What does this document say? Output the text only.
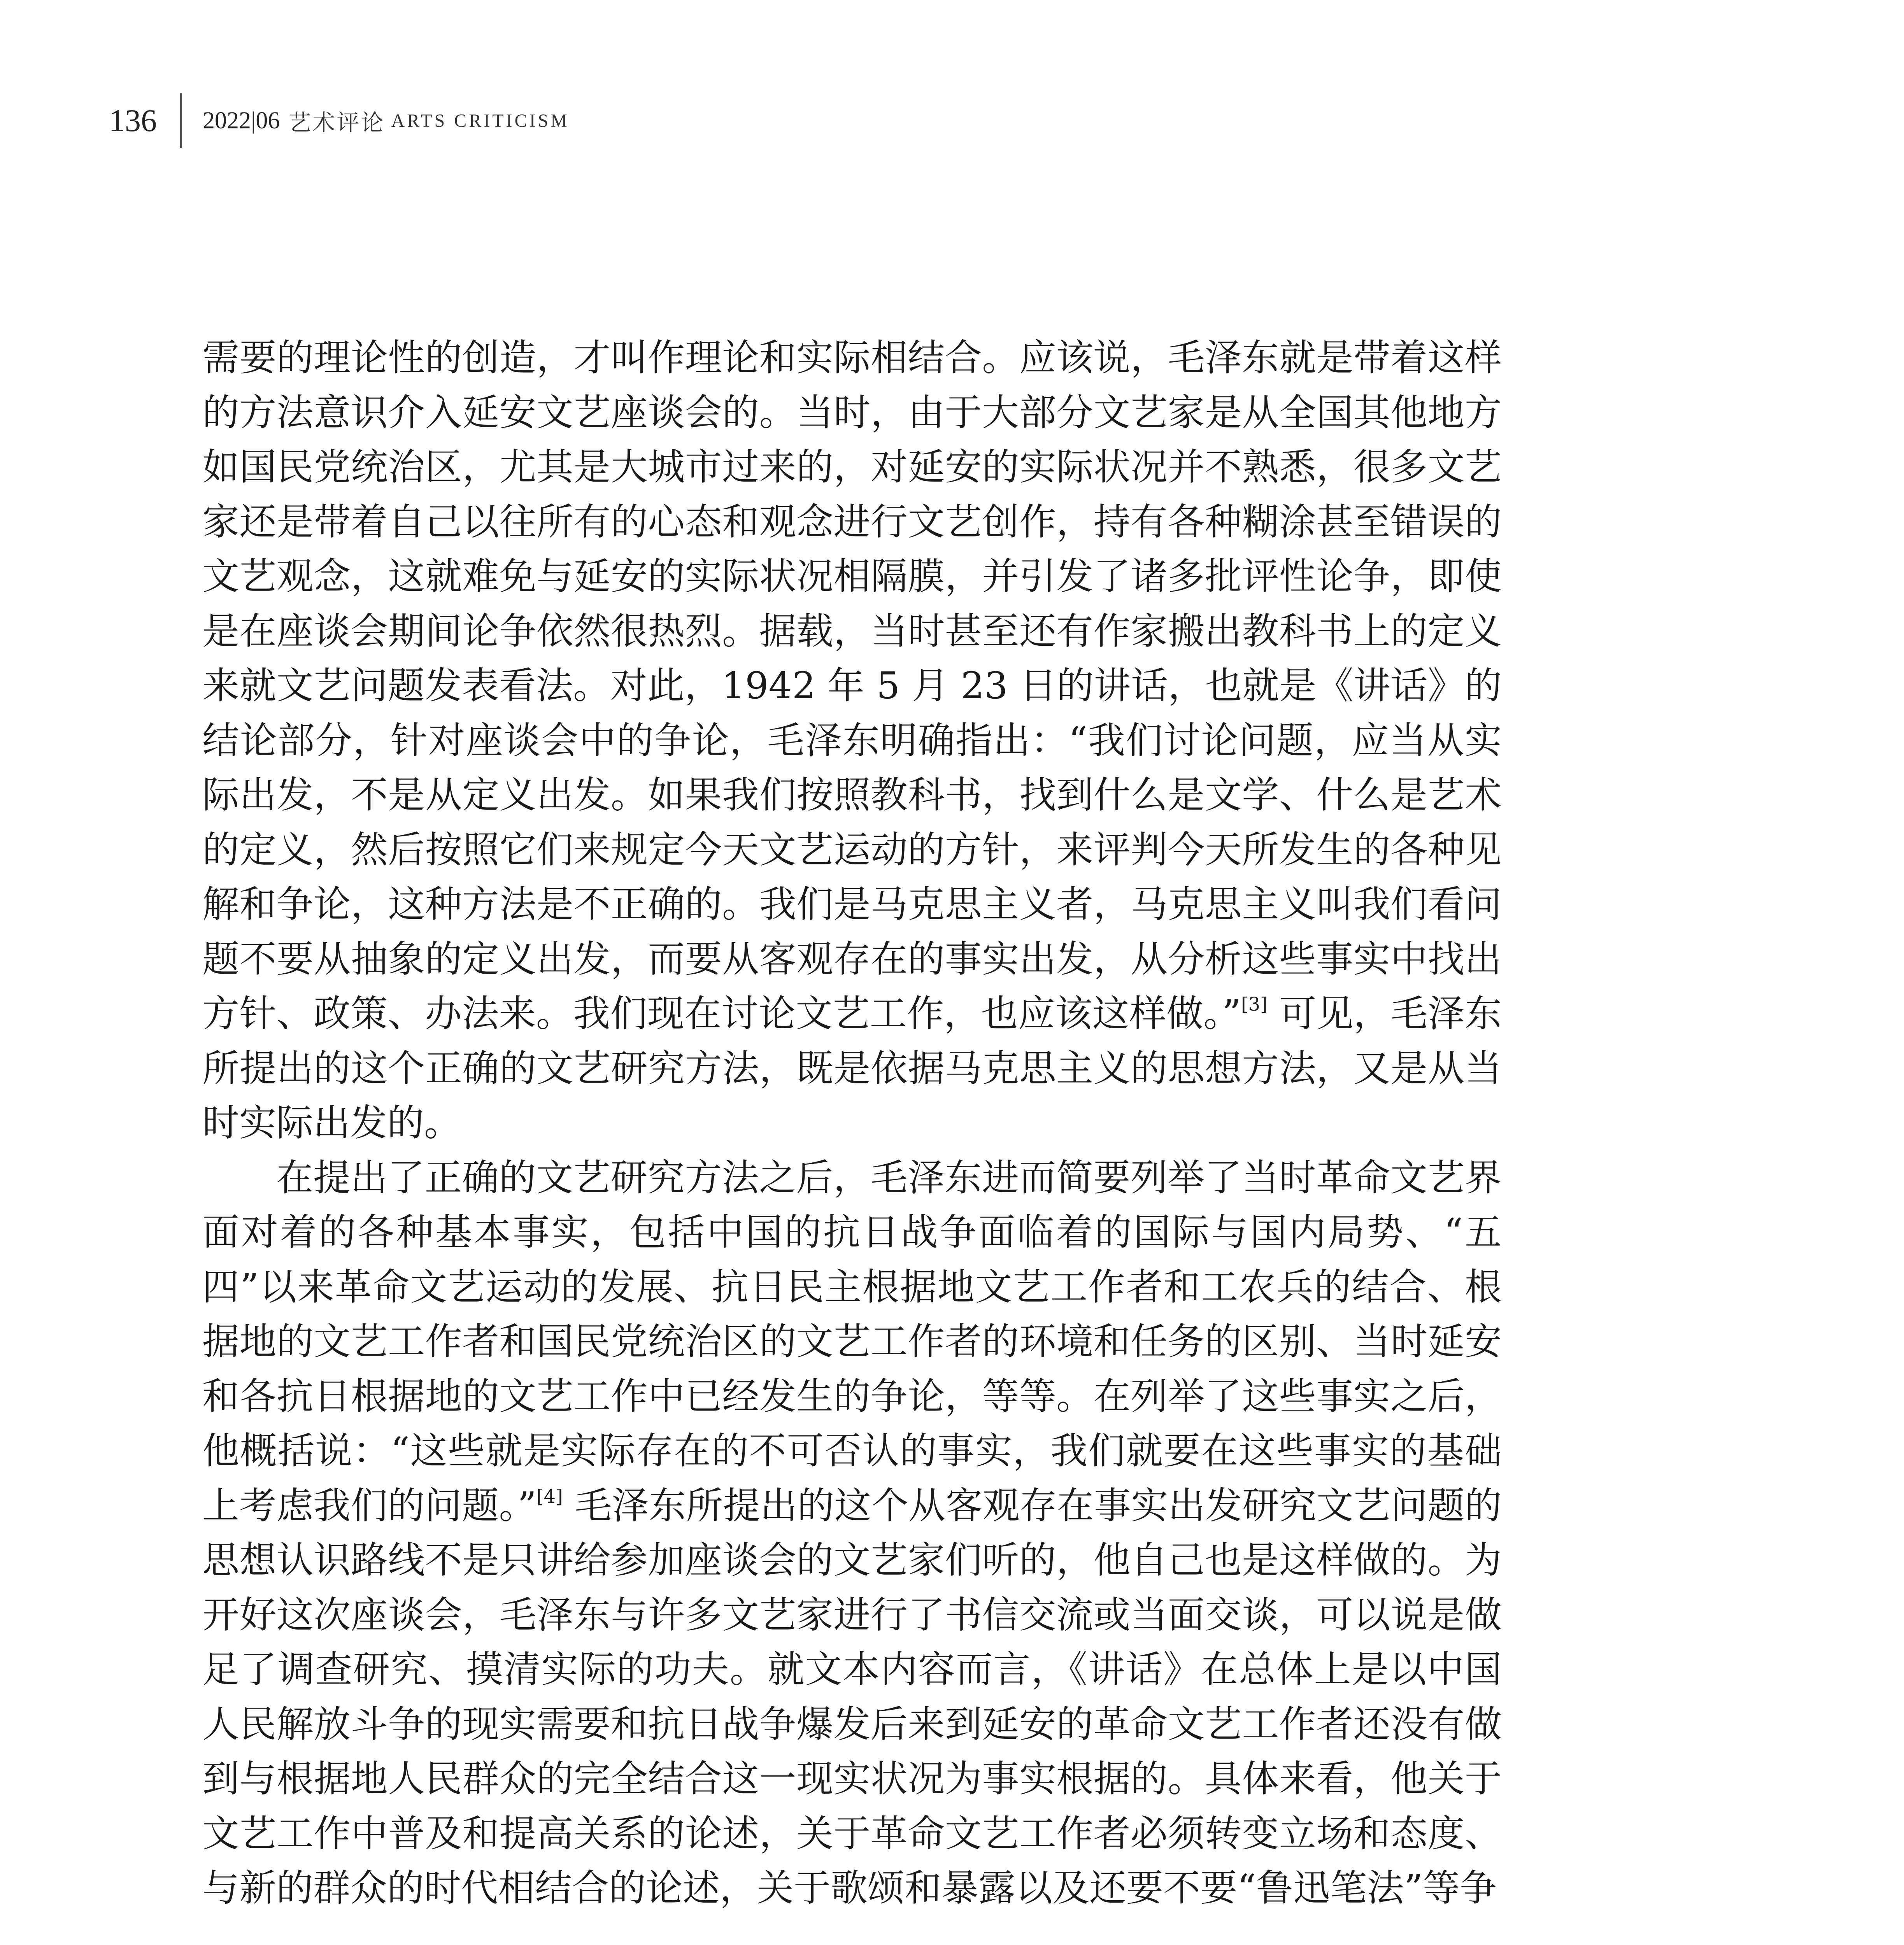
136 2022|06 艺术评论 ARTS CRITICISM

需要的理论性的创造，才叫作理论和实际相结合。应该说，毛泽东就是带着这样的方法意识介入延安文艺座谈会的。当时，由于大部分文艺家是从全国其他地方如国民党统治区，尤其是大城市过来的，对延安的实际状况并不熟悉，很多文艺家还是带着自己以往所有的心态和观念进行文艺创作，持有各种糊涂甚至错误的文艺观念，这就难免与延安的实际状况相隔膜，并引发了诸多批评性论争，即使是在座谈会期间论争依然很热烈。据载，当时甚至还有作家搬出教科书上的定义来就文艺问题发表看法。对此，1942 年 5 月 23 日的讲话，也就是《讲话》的结论部分，针对座谈会中的争论，毛泽东明确指出：“我们讨论问题，应当从实际出发，不是从定义出发。如果我们按照教科书，找到什么是文学、什么是艺术的定义，然后按照它们来规定今天文艺运动的方针，来评判今天所发生的各种见解和争论，这种方法是不正确的。我们是马克思主义者，马克思主义叫我们看问题不要从抽象的定义出发，而要从客观存在的事实出发，从分析这些事实中找出方针、政策、办法来。我们现在讨论文艺工作，也应该这样做。”[3] 可见，毛泽东所提出的这个正确的文艺研究方法，既是依据马克思主义的思想方法，又是从当时实际出发的。

在提出了正确的文艺研究方法之后，毛泽东进而简要列举了当时革命文艺界面对着的各种基本事实，包括中国的抗日战争面临着的国际与国内局势、“五四”以来革命文艺运动的发展、抗日民主根据地文艺工作者和工农兵的结合、根据地的文艺工作者和国民党统治区的文艺工作者的环境和任务的区别、当时延安和各抗日根据地的文艺工作中已经发生的争论，等等。在列举了这些事实之后，他概括说：“这些就是实际存在的不可否认的事实，我们就要在这些事实的基础上考虑我们的问题。”[4] 毛泽东所提出的这个从客观存在事实出发研究文艺问题的思想认识路线不是只讲给参加座谈会的文艺家们听的，他自己也是这样做的。为开好这次座谈会，毛泽东与许多文艺家进行了书信交流或当面交谈，可以说是做足了调查研究、摸清实际的功夫。就文本内容而言，《讲话》在总体上是以中国人民解放斗争的现实需要和抗日战争爆发后来到延安的革命文艺工作者还没有做到与根据地人民群众的完全结合这一现实状况为事实根据的。具体来看，他关于文艺工作中普及和提高关系的论述，关于革命文艺工作者必须转变立场和态度、与新的群众的时代相结合的论述，关于歌颂和暴露以及还要不要“鲁迅笔法”等争
